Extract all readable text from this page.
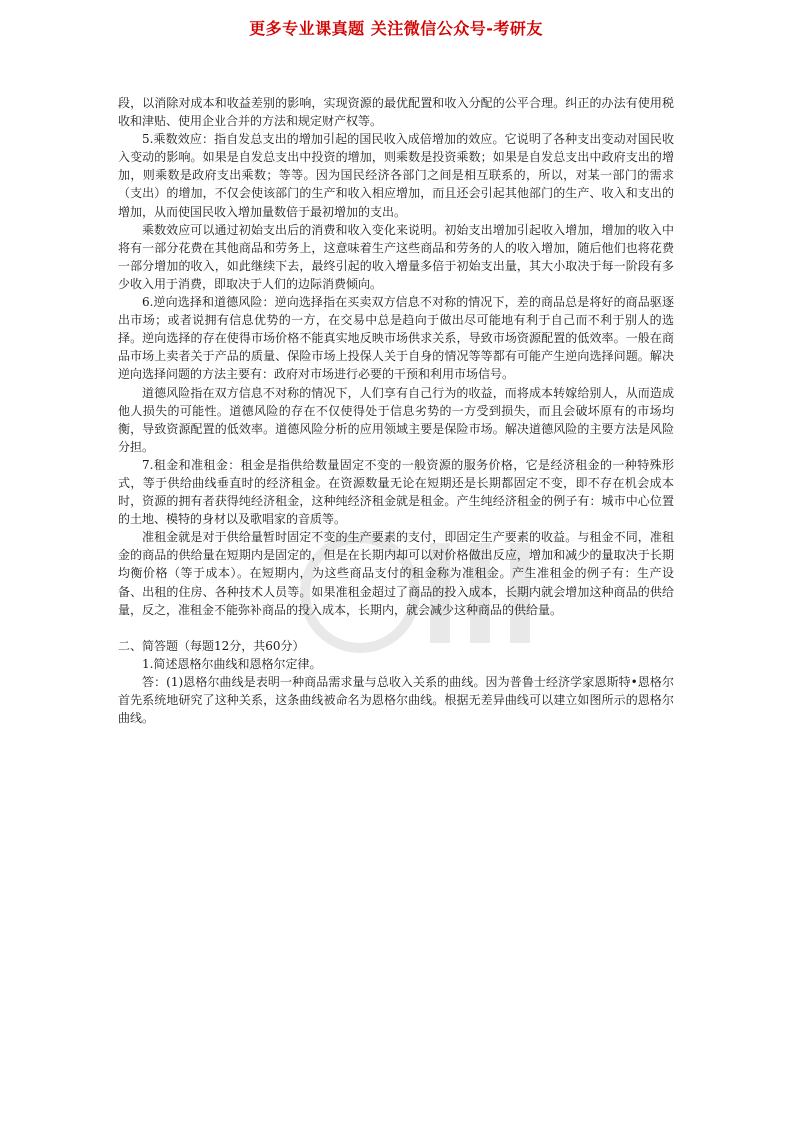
更多专业课真题 关注微信公众号-考研友

段，以消除对成本和收益差别的影响，实现资源的最优配置和收入分配的公平合理。纠正的办法有使用税收和津贴、使用企业合并的方法和规定财产权等。

5.乘数效应：指自发总支出的增加引起的国民收入成倍增加的效应。它说明了各种支出变动对国民收入变动的影响。如果是自发总支出中投资的增加，则乘数是投资乘数；如果是自发总支出中政府支出的增加，则乘数是政府支出乘数；等等。因为国民经济各部门之间是相互联系的，所以，对某一部门的需求（支出）的增加，不仅会使该部门的生产和收入相应增加，而且还会引起其他部门的生产、收入和支出的增加，从而使国民收入增加量数倍于最初增加的支出。

乘数效应可以通过初始支出后的消费和收入变化来说明。初始支出增加引起收入增加，增加的收入中将有一部分花费在其他商品和劳务上，这意味着生产这些商品和劳务的人的收入增加，随后他们也将花费一部分增加的收入，如此继续下去，最终引起的收入增量多倍于初始支出量，其大小取决于每一阶段有多少收入用于消费，即取决于人们的边际消费倾向。

6.逆向选择和道德风险：逆向选择指在买卖双方信息不对称的情况下，差的商品总是将好的商品驱逐出市场；或者说拥有信息优势的一方，在交易中总是趋向于做出尽可能地有利于自己而不利于别人的选择。逆向选择的存在使得市场价格不能真实地反映市场供求关系，导致市场资源配置的低效率。一般在商品市场上卖者关于产品的质量、保险市场上投保人关于自身的情况等等都有可能产生逆向选择问题。解决逆向选择问题的方法主要有：政府对市场进行必要的干预和利用市场信号。

道德风险指在双方信息不对称的情况下，人们享有自己行为的收益，而将成本转嫁给别人，从而造成他人损失的可能性。道德风险的存在不仅使得处于信息劣势的一方受到损失，而且会破坏原有的市场均衡，导致资源配置的低效率。道德风险分析的应用领域主要是保险市场。解决道德风险的主要方法是风险分担。

7.租金和准租金：租金是指供给数量固定不变的一般资源的服务价格，它是经济租金的一种特殊形式，等于供给曲线垂直时的经济租金。在资源数量无论在短期还是长期都固定不变，即不存在机会成本时，资源的拥有者获得纯经济租金，这种纯经济租金就是租金。产生纯经济租金的例子有：城市中心位置的土地、模特的身材以及歌唱家的音质等。

准租金就是对于供给量暂时固定不变的生产要素的支付，即固定生产要素的收益。与租金不同，准租金的商品的供给量在短期内是固定的，但是在长期内却可以对价格做出反应，增加和减少的量取决于长期均衡价格（等于成本）。在短期内，为这些商品支付的租金称为准租金。产生准租金的例子有：生产设备、出租的住房、各种技术人员等。如果准租金超过了商品的投入成本，长期内就会增加这种商品的供给量，反之，准租金不能弥补商品的投入成本，长期内，就会减少这种商品的供给量。

二、简答题（每题12分，共60分）

1.简述恩格尔曲线和恩格尔定律。

答：(1)恩格尔曲线是表明一种商品需求量与总收入关系的曲线。因为普鲁士经济学家恩斯特•恩格尔首先系统地研究了这种关系，这条曲线被命名为恩格尔曲线。根据无差异曲线可以建立如图所示的恩格尔曲线。
